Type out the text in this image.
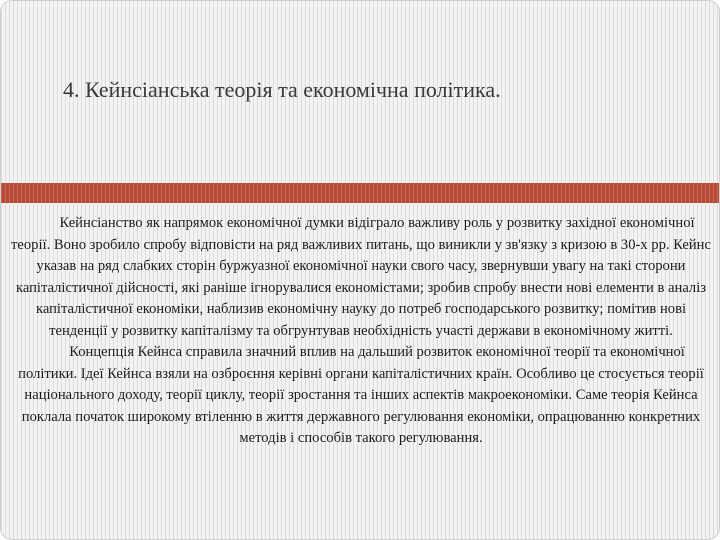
4. Кейнсіанська теорія та економічна політика.

Кейнсіанство як напрямок економічної думки відіграло важливу роль у розвитку західної економічної теорії. Воно зробило спробу відповісти на ряд важливих питань, що виникли у зв'язку з кризою в 30-х рр. Кейнс указав на ряд слабких сторін буржуазної економічної науки свого часу, звернувши увагу на такі сторони капіталістичної дійсності, які раніше ігнорувалися економістами; зробив спробу внести нові елементи в аналіз капіталістичної економіки, наблизив економічну науку до потреб господарського розвитку; помітив нові тенденції у розвитку капіталізму та обгрунтував необхідність участі держави в економічному житті.

Концепція Кейнса справила значний вплив на дальший розвиток економічної теорії та економічної політики. Ідеї Кейнса взяли на озброєння керівні органи капіталістичних країн. Особливо це стосується теорії національного доходу, теорії циклу, теорії зростання та інших аспектів макроекономіки. Саме теорія Кейнса поклала початок широкому втіленню в життя державного регулювання економіки, опрацюванню конкретних методів і способів такого регулювання.
